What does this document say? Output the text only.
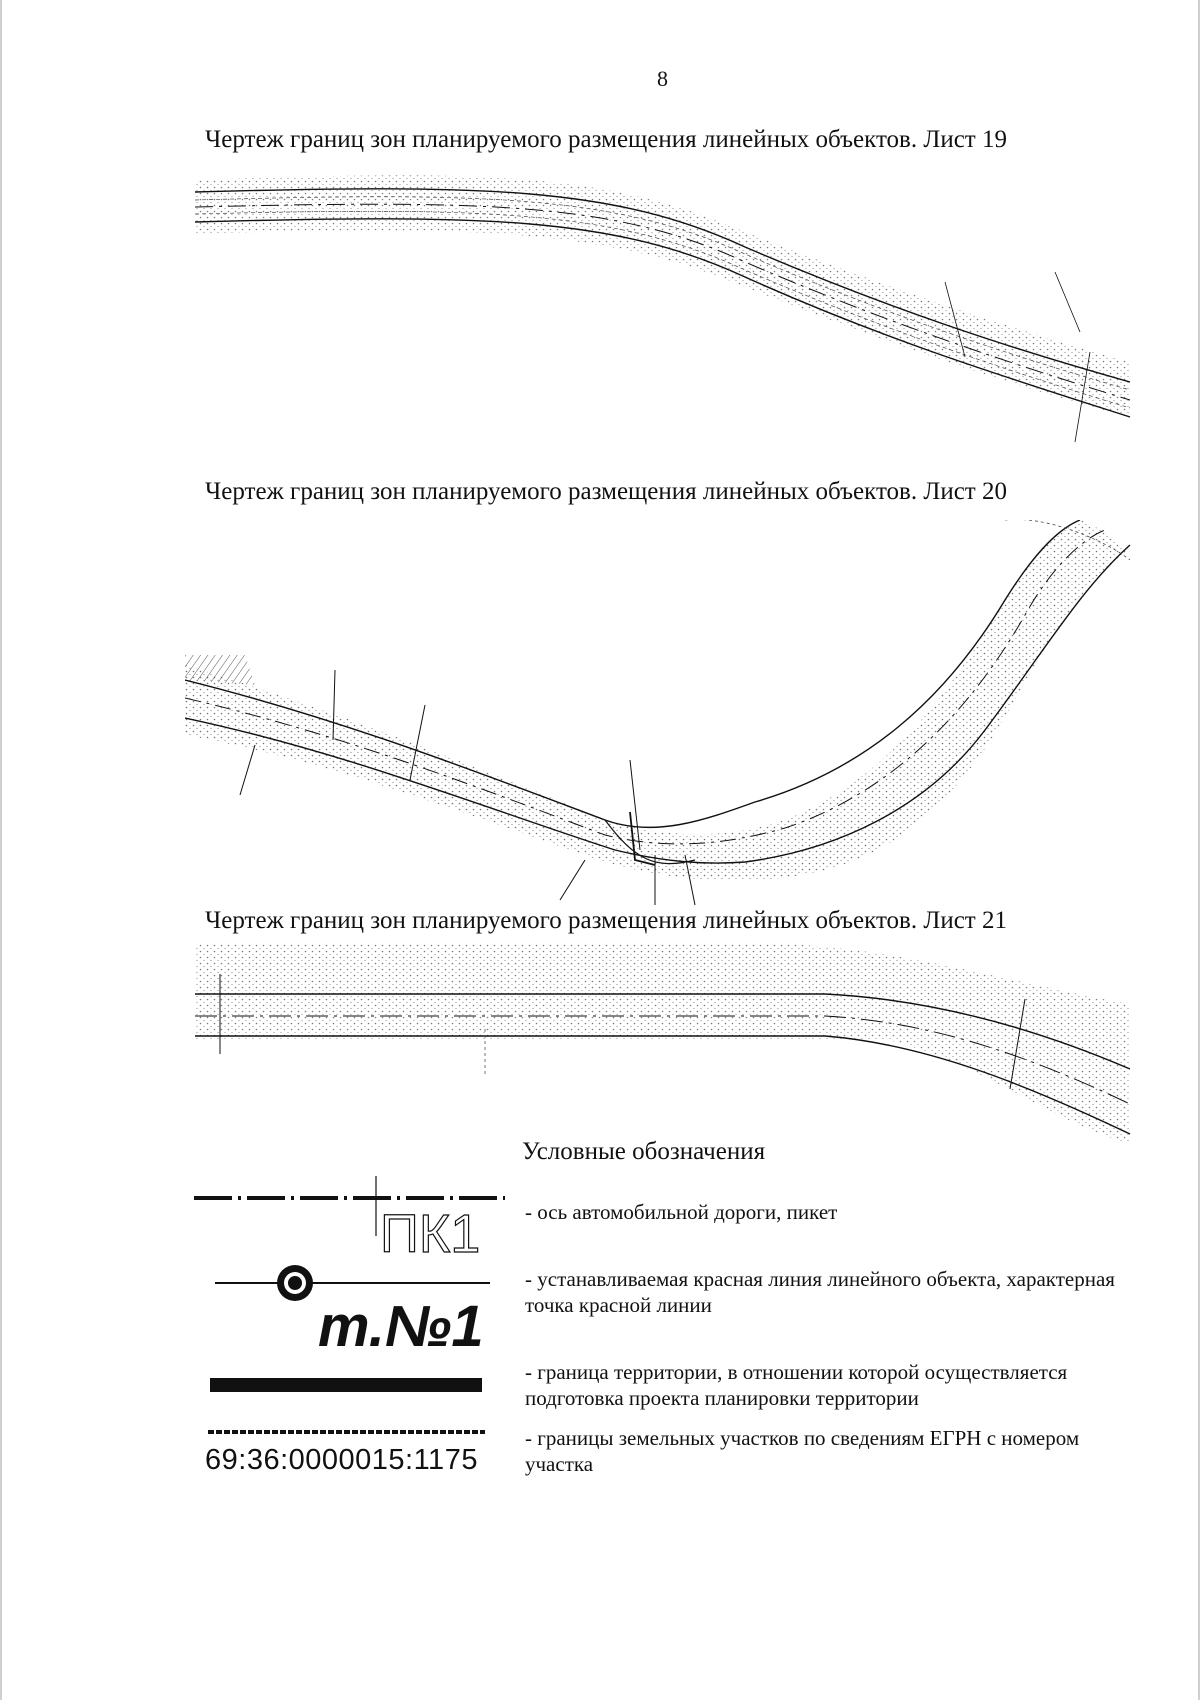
8
Чертеж границ зон планируемого размещения линейных объектов. Лист 19
Чертеж границ зон планируемого размещения линейных объектов. Лист 20
Чертеж границ зон планируемого размещения линейных объектов. Лист 21
Условные обозначения
ПК1 - ось автомобильной дороги, пикет
т.№1
- устанавливаемая красная линия линейного объекта, характерная точка красной линии
- граница территории, в отношении которой осуществляется подготовка проекта планировки территории
69:36:0000015:1175
- границы земельных участков по сведениям ЕГРН с номером участка
